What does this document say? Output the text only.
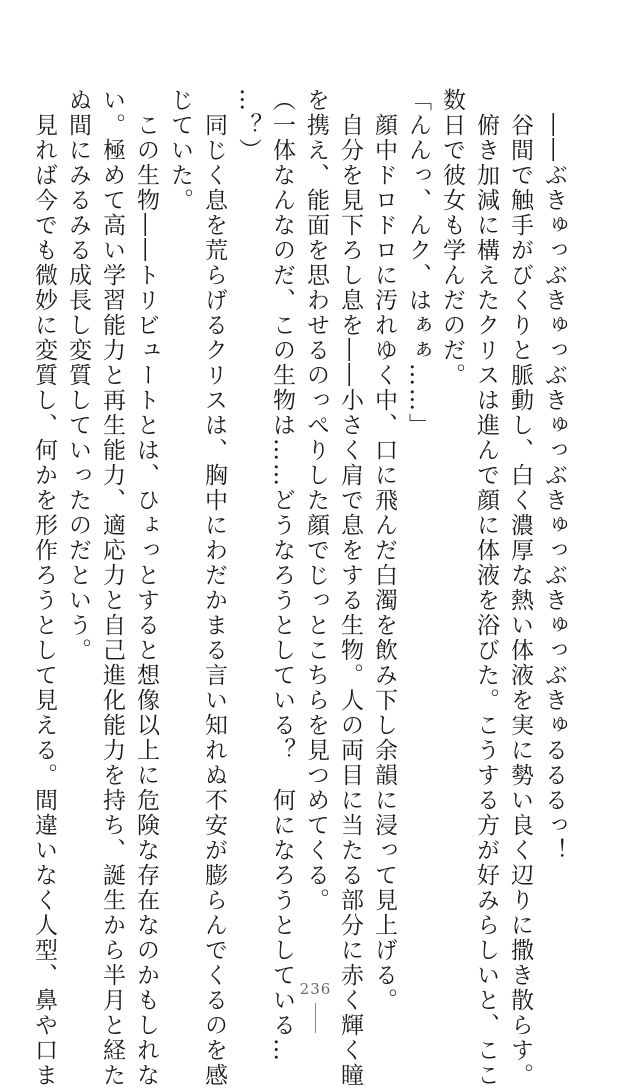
　――ぶきゅっぶきゅっぶきゅっぶきゅっぶきゅっぶきゅるるるっ！

　谷間で触手がびくりと脈動し、白く濃厚な熱い体液を実に勢い良く辺りに撒き散らす。

　俯き加減に構えたクリスは進んで顔に体液を浴びた。こうする方が好みらしいと、ここ

数日で彼女も学んだのだ。

「んんっ、んク、はぁぁ……」

　顔中ドロドロに汚れゆく中、口に飛んだ白濁を飲み下し余韻に浸って見上げる。

　自分を見下ろし息を――小さく肩で息をする生物。人の両目に当たる部分に赤く輝く瞳

を携え、能面を思わせるのっぺりした顔でじっとこちらを見つめてくる。

（一体なんなのだ、この生物は……どうなろうとしている？　何になろうとしている…

…？）

　同じく息を荒らげるクリスは、胸中にわだかまる言い知れぬ不安が膨らんでくるのを感

じていた。

　この生物――トリビュートとは、ひょっとすると想像以上に危険な存在なのかもしれな

い。極めて高い学習能力と再生能力、適応力と自己進化能力を持ち、誕生から半月と経た

ぬ間にみるみる成長し変質していったのだという。

　見れば今でも微妙に変質し、何かを形作ろうとして見える。間違いなく人型、鼻や口ま	236
